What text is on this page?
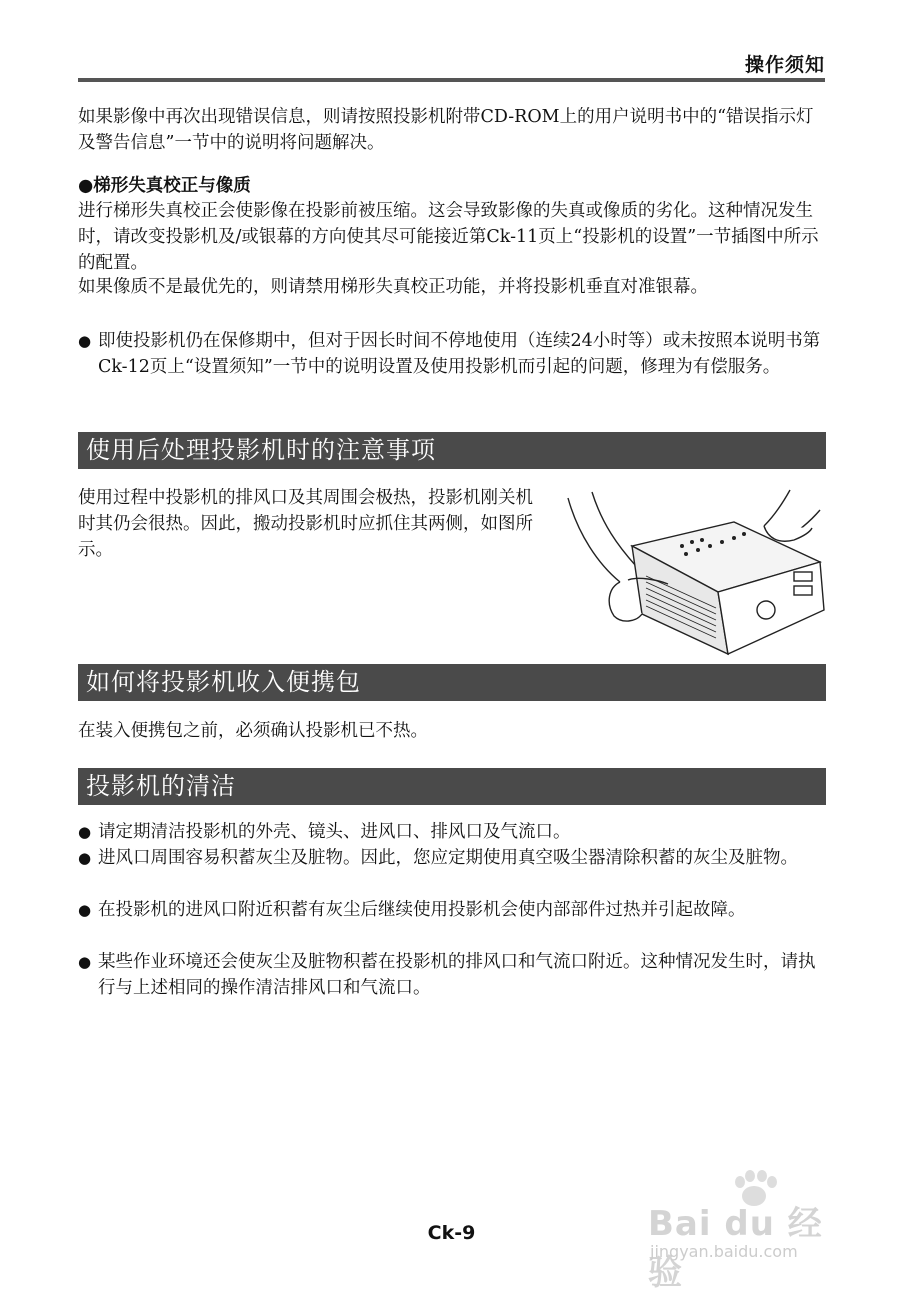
操作须知

如果影像中再次出现错误信息，则请按照投影机附带CD-ROM上的用户说明书中的“错误指示灯及警告信息”一节中的说明将问题解决。

●梯形失真校正与像质

进行梯形失真校正会使影像在投影前被压缩。这会导致影像的失真或像质的劣化。这种情况发生时，请改变投影机及/或银幕的方向使其尽可能接近第Ck-11页上“投影机的设置”一节插图中所示的配置。

如果像质不是最优先的，则请禁用梯形失真校正功能，并将投影机垂直对准银幕。

● 即使投影机仍在保修期中，但对于因长时间不停地使用（连续24小时等）或未按照本说明书第Ck-12页上“设置须知”一节中的说明设置及使用投影机而引起的问题，修理为有偿服务。
使用后处理投影机时的注意事项

使用过程中投影机的排风口及其周围会极热，投影机刚关机时其仍会很热。因此，搬动投影机时应抓住其两侧，如图所示。

如何将投影机收入便携包

在装入便携包之前，必须确认投影机已不热。

投影机的清洁
● 请定期清洁投影机的外壳、镜头、进风口、排风口及气流口。
● 进风口周围容易积蓄灰尘及脏物。因此，您应定期使用真空吸尘器清除积蓄的灰尘及脏物。
● 在投影机的进风口附近积蓄有灰尘后继续使用投影机会使内部部件过热并引起故障。
● 某些作业环境还会使灰尘及脏物积蓄在投影机的排风口和气流口附近。这种情况发生时，请执行与上述相同的操作清洁排风口和气流口。
Bai du 经验
jingyan.baidu.com
Ck-9
